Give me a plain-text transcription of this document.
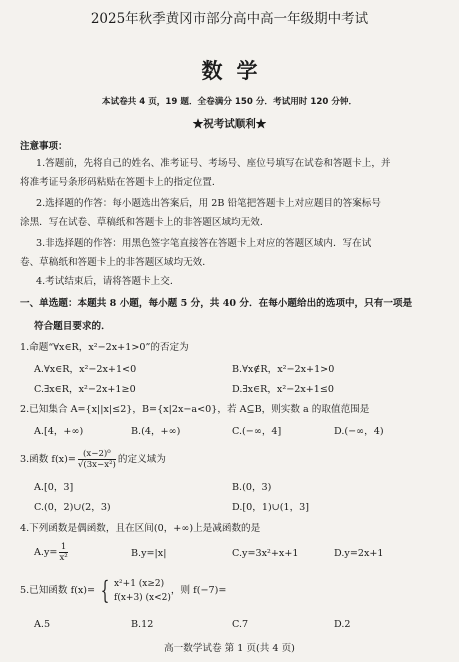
2025年秋季黄冈市部分高中高一年级期中考试
数学
本试卷共 4 页，19 题．全卷满分 150 分．考试用时 120 分钟．
★祝考试顺利★
注意事项：
1.答题前，先将自己的姓名、准考证号、考场号、座位号填写在试卷和答题卡上，并
将准考证号条形码粘贴在答题卡上的指定位置．
2.选择题的作答：每小题选出答案后，用 2B 铅笔把答题卡上对应题目的答案标号
涂黑．写在试卷、草稿纸和答题卡上的非答题区域均无效．
3.非选择题的作答：用黑色签字笔直接答在答题卡上对应的答题区域内．写在试
卷、草稿纸和答题卡上的非答题区域均无效．
4.考试结束后，请将答题卡上交．
一、单选题：本题共 8 小题，每小题 5 分，共 40 分．在每小题给出的选项中，只有一项是
符合题目要求的．
1.命题“∀x∈R，x²−2x+1>0”的否定为
A.∀x∈R，x²−2x+1<0	B.∀x∉R，x²−2x+1>0
C.∃x∈R，x²−2x+1≥0	D.∃x∈R，x²−2x+1≤0
2.已知集合 A={x||x|≤2}，B={x|2x−a<0}，若 A⊆B，则实数 a 的取值范围是
A.[4，+∞)	B.(4，+∞)	C.(−∞，4]	D.(−∞，4)
3.函数 $f(x)= \frac{\text{(x−2)⁰}}{\text{√(3x−x²)}}$ 的定义域为
A.[0，3]	B.(0，3)
C.(0，2)∪(2，3)	D.[0，1)∪(1，3]
4.下列函数是偶函数，且在区间(0，+∞)上是减函数的是
$A.y= \frac{1}{\text{x²}}$	B.y=|x|	C.y=3x²+x+1	D.y=2x+1
5.已知函数 f(x)= { x²+1 (x≥2)
f(x+3) (x<2)
，则 f(−7)=
A.5	B.12	C.7	D.2
高一数学试卷 第 1 页(共 4 页)
